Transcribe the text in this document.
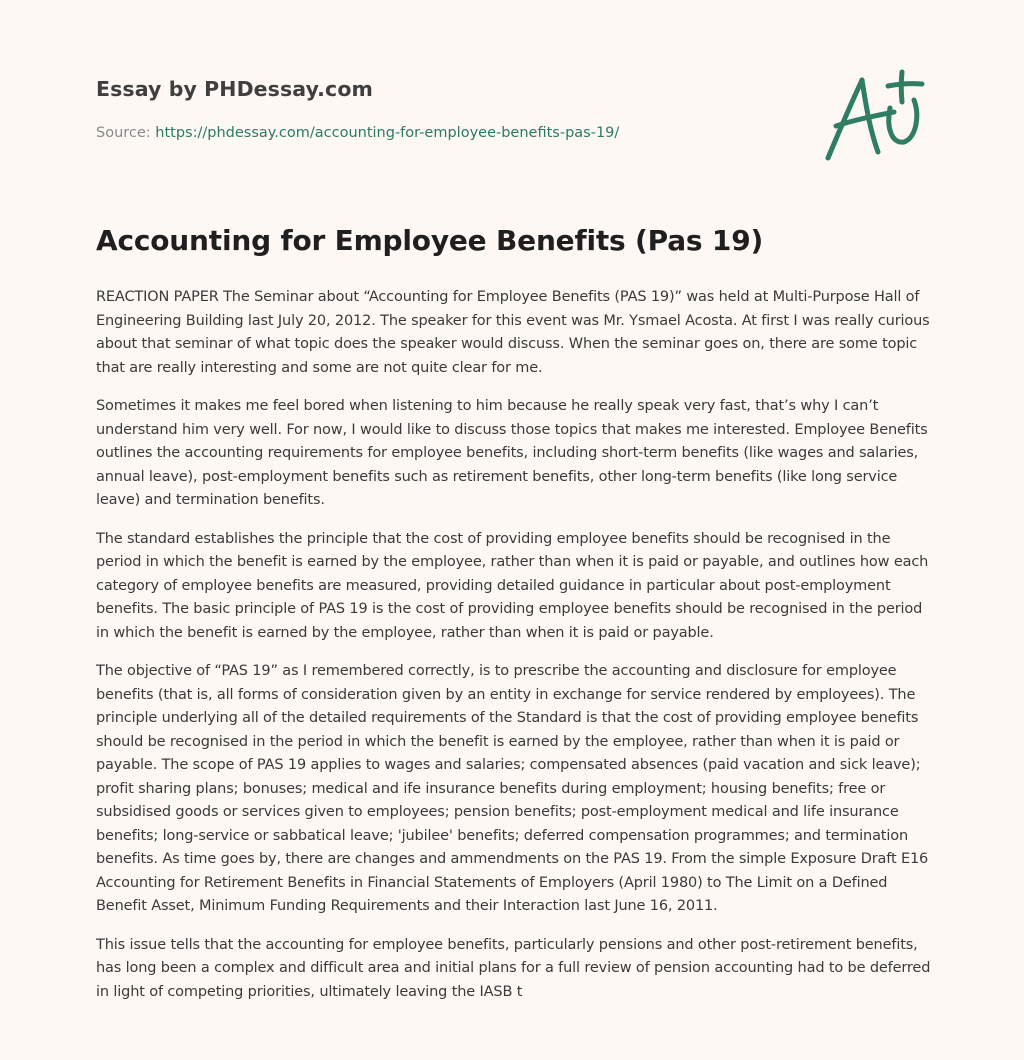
Essay by PHDessay.com
Source: https://phdessay.com/accounting-for-employee-benefits-pas-19/
Accounting for Employee Benefits (Pas 19)

REACTION PAPER The Seminar about “Accounting for Employee Benefits (PAS 19)” was held at Multi-Purpose Hall of Engineering Building last July 20, 2012. The speaker for this event was Mr. Ysmael Acosta. At first I was really curious about that seminar of what topic does the speaker would discuss. When the seminar goes on, there are some topic that are really interesting and some are not quite clear for me.

Sometimes it makes me feel bored when listening to him because he really speak very fast, that’s why I can’t understand him very well. For now, I would like to discuss those topics that makes me interested. Employee Benefits outlines the accounting requirements for employee benefits, including short-term benefits (like wages and salaries, annual leave), post-employment benefits such as retirement benefits, other long-term benefits (like long service leave) and termination benefits.

The standard establishes the principle that the cost of providing employee benefits should be recognised in the period in which the benefit is earned by the employee, rather than when it is paid or payable, and outlines how each category of employee benefits are measured, providing detailed guidance in particular about post-employment benefits. The basic principle of PAS 19 is the cost of providing employee benefits should be recognised in the period in which the benefit is earned by the employee, rather than when it is paid or payable.

The objective of “PAS 19” as I remembered correctly, is to prescribe the accounting and disclosure for employee benefits (that is, all forms of consideration given by an entity in exchange for service rendered by employees). The principle underlying all of the detailed requirements of the Standard is that the cost of providing employee benefits should be recognised in the period in which the benefit is earned by the employee, rather than when it is paid or payable. The scope of PAS 19 applies to wages and salaries; compensated absences (paid vacation and sick leave); profit sharing plans; bonuses; medical and ife insurance benefits during employment; housing benefits; free or subsidised goods or services given to employees; pension benefits; post-employment medical and life insurance benefits; long-service or sabbatical leave; 'jubilee' benefits; deferred compensation programmes; and termination benefits. As time goes by, there are changes and ammendments on the PAS 19. From the simple Exposure Draft E16 Accounting for Retirement Benefits in Financial Statements of Employers (April 1980) to The Limit on a Defined Benefit Asset, Minimum Funding Requirements and their Interaction last June 16, 2011.

This issue tells that the accounting for employee benefits, particularly pensions and other post-retirement benefits, has long been a complex and difficult area and initial plans for a full review of pension accounting had to be deferred in light of competing priorities, ultimately leaving the IASB t
